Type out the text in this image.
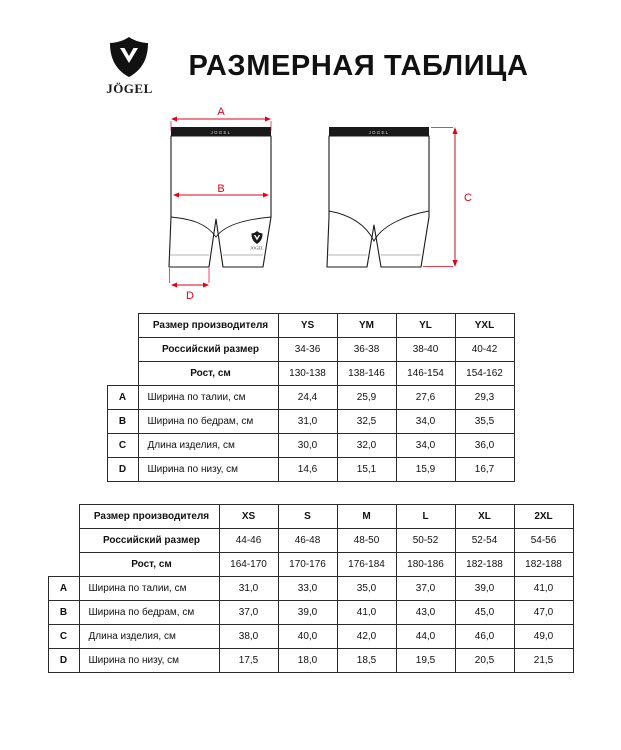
JÖGEL
РАЗМЕРНАЯ ТАБЛИЦА
JOGEL
JOGEL
A
B
D
JOGEL
C
	Размер производителя	YS	YM	YL	YXL
	Российский размер	34-36	36-38	38-40	40-42
	Рост, см	130-138	138-146	146-154	154-162
A	Ширина по талии, см	24,4	25,9	27,6	29,3
B	Ширина по бедрам, см	31,0	32,5	34,0	35,5
C	Длина изделия, см	30,0	32,0	34,0	36,0
D	Ширина по низу, см	14,6	15,1	15,9	16,7
	Размер производителя	XS	S	M	L	XL	2XL
	Российский размер	44-46	46-48	48-50	50-52	52-54	54-56
	Рост, см	164-170	170-176	176-184	180-186	182-188	182-188
A	Ширина по талии, см	31,0	33,0	35,0	37,0	39,0	41,0
B	Ширина по бедрам, см	37,0	39,0	41,0	43,0	45,0	47,0
C	Длина изделия, см	38,0	40,0	42,0	44,0	46,0	49,0
D	Ширина по низу, см	17,5	18,0	18,5	19,5	20,5	21,5
